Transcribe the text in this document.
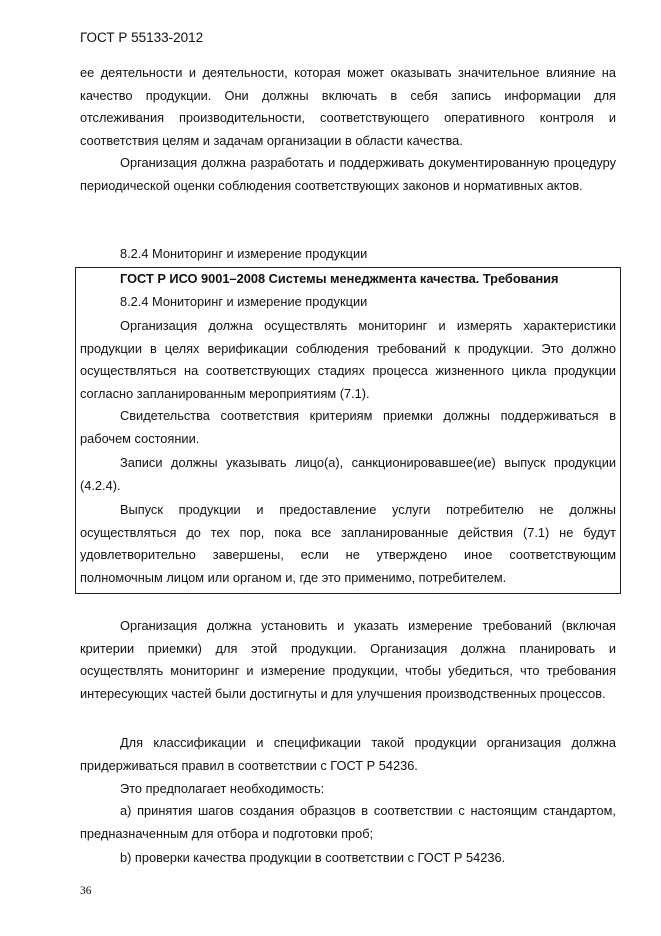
ГОСТ Р 55133-2012
ее деятельности и деятельности, которая может оказывать значительное влияние на качество продукции. Они должны включать в себя запись информации для отслеживания производительности, соответствующего оперативного контроля и соответствия целям и задачам организации в области качества.
Организация должна разработать и поддерживать документированную процедуру периодической оценки соблюдения соответствующих законов и нормативных актов.
8.2.4 Мониторинг и измерение продукции
ГОСТ Р ИСО 9001–2008 Системы менеджмента качества. Требования
8.2.4 Мониторинг и измерение продукции
Организация должна осуществлять мониторинг и измерять характеристики продукции в целях верификации соблюдения требований к продукции. Это должно осуществляться на соответствующих стадиях процесса жизненного цикла продукции согласно запланированным мероприятиям (7.1).
Свидетельства соответствия критериям приемки должны поддерживаться в рабочем состоянии.
Записи должны указывать лицо(а), санкционировавшее(ие) выпуск продукции (4.2.4).
Выпуск продукции и предоставление услуги потребителю не должны осуществляться до тех пор, пока все запланированные действия (7.1) не будут удовлетворительно завершены, если не утверждено иное соответствующим полномочным лицом или органом и, где это применимо, потребителем.
Организация должна установить и указать измерение требований (включая критерии приемки) для этой продукции. Организация должна планировать и осуществлять мониторинг и измерение продукции, чтобы убедиться, что требования интересующих частей были достигнуты и для улучшения производственных процессов.
Для классификации и спецификации такой продукции организация должна придерживаться правил в соответствии с ГОСТ Р 54236.
Это предполагает необходимость:
а) принятия шагов создания образцов в соответствии с настоящим стандартом, предназначенным для отбора и подготовки проб;
b) проверки качества продукции в соответствии с ГОСТ Р 54236.
36
